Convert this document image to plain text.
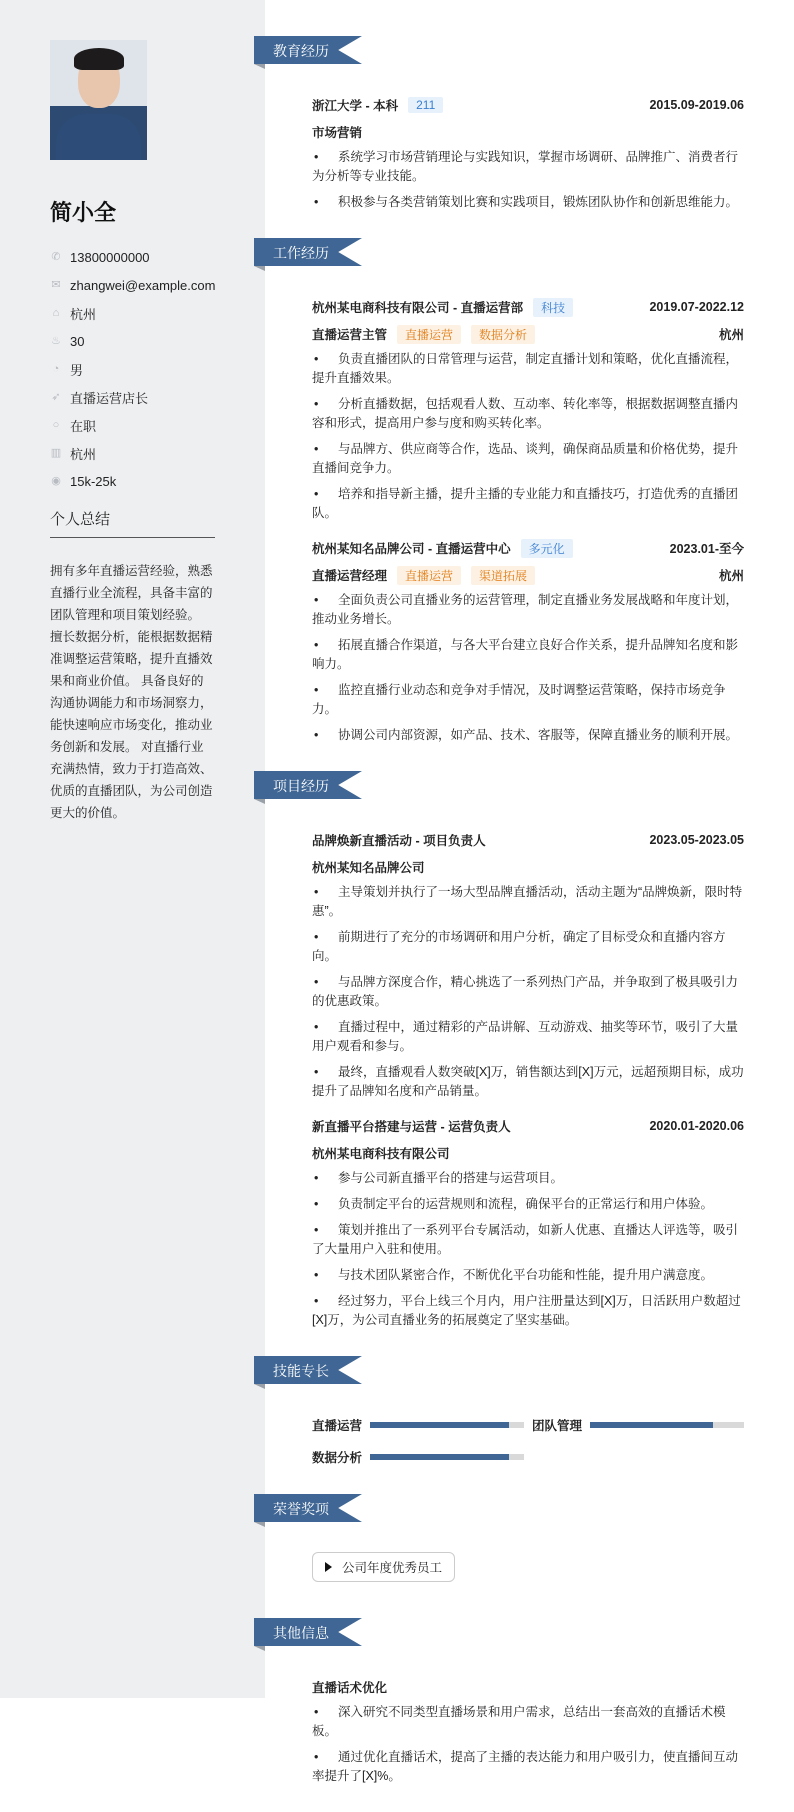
简小全
✆ 13800000000
✉ zhangwei@example.com
⌂ 杭州
♨ 30
◔ 男
➶ 直播运营店长
○ 在职
▥ 杭州
◉ 15k-25k
个人总结
拥有多年直播运营经验，熟悉直播行业全流程，具备丰富的团队管理和项目策划经验。 擅长数据分析，能根据数据精准调整运营策略，提升直播效果和商业价值。 具备良好的沟通协调能力和市场洞察力，能快速响应市场变化，推动业务创新和发展。 对直播行业充满热情，致力于打造高效、优质的直播团队，为公司创造更大的价值。
教育经历
浙江大学 - 本科	211	2015.09-2019.06
市场营销
• 系统学习市场营销理论与实践知识，掌握市场调研、品牌推广、消费者行为分析等专业技能。
• 积极参与各类营销策划比赛和实践项目，锻炼团队协作和创新思维能力。
工作经历
杭州某电商科技有限公司 - 直播运营部	科技	2019.07-2022.12
直播运营主管	直播运营	数据分析	杭州
• 负责直播团队的日常管理与运营，制定直播计划和策略，优化直播流程，提升直播效果。
• 分析直播数据，包括观看人数、互动率、转化率等，根据数据调整直播内容和形式，提高用户参与度和购买转化率。
• 与品牌方、供应商等合作，选品、谈判，确保商品质量和价格优势，提升直播间竞争力。
• 培养和指导新主播，提升主播的专业能力和直播技巧，打造优秀的直播团队。
杭州某知名品牌公司 - 直播运营中心	多元化	2023.01-至今
直播运营经理	直播运营	渠道拓展	杭州
• 全面负责公司直播业务的运营管理，制定直播业务发展战略和年度计划，推动业务增长。
• 拓展直播合作渠道，与各大平台建立良好合作关系，提升品牌知名度和影响力。
• 监控直播行业动态和竞争对手情况，及时调整运营策略，保持市场竞争力。
• 协调公司内部资源，如产品、技术、客服等，保障直播业务的顺利开展。
项目经历
品牌焕新直播活动 - 项目负责人	2023.05-2023.05
杭州某知名品牌公司
• 主导策划并执行了一场大型品牌直播活动，活动主题为“品牌焕新，限时特惠”。
• 前期进行了充分的市场调研和用户分析，确定了目标受众和直播内容方向。
• 与品牌方深度合作，精心挑选了一系列热门产品，并争取到了极具吸引力的优惠政策。
• 直播过程中，通过精彩的产品讲解、互动游戏、抽奖等环节，吸引了大量用户观看和参与。
• 最终，直播观看人数突破[X]万，销售额达到[X]万元，远超预期目标，成功提升了品牌知名度和产品销量。
新直播平台搭建与运营 - 运营负责人	2020.01-2020.06
杭州某电商科技有限公司
• 参与公司新直播平台的搭建与运营项目。
• 负责制定平台的运营规则和流程，确保平台的正常运行和用户体验。
• 策划并推出了一系列平台专属活动，如新人优惠、直播达人评选等，吸引了大量用户入驻和使用。
• 与技术团队紧密合作，不断优化平台功能和性能，提升用户满意度。
• 经过努力，平台上线三个月内，用户注册量达到[X]万，日活跃用户数超过[X]万，为公司直播业务的拓展奠定了坚实基础。
技能专长
直播运营	团队管理
数据分析
荣誉奖项
公司年度优秀员工
其他信息
直播话术优化
• 深入研究不同类型直播场景和用户需求，总结出一套高效的直播话术模板。
• 通过优化直播话术，提高了主播的表达能力和用户吸引力，使直播间互动率提升了[X]%。
